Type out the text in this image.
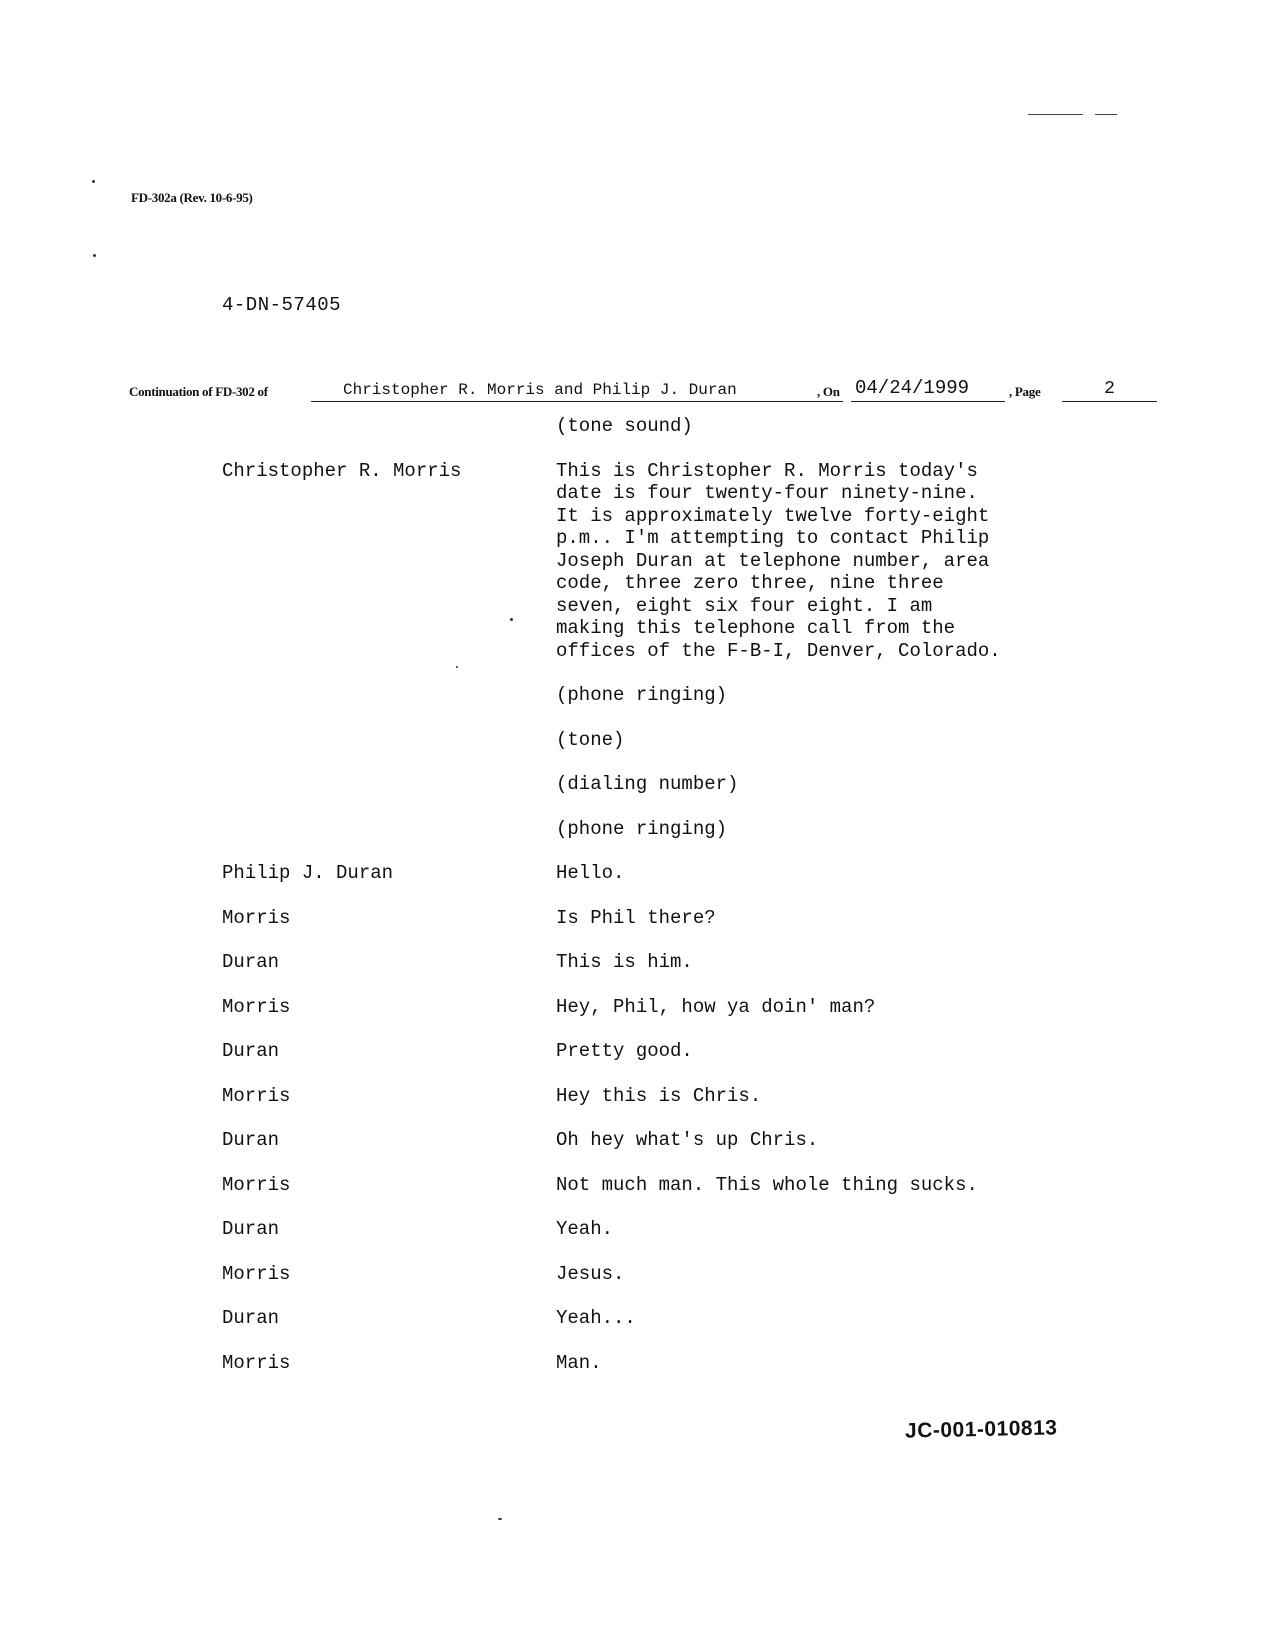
FD-302a (Rev. 10-6-95)
4-DN-57405
Continuation of FD-302 of	Christopher R. Morris and Philip J. Duran	, On 04/24/1999	, Page	2
(tone sound)
Christopher R. Morris	This is Christopher R. Morris today's
date is four twenty-four ninety-nine.
It is approximately twelve forty-eight
p.m.. I'm attempting to contact Philip
Joseph Duran at telephone number, area
code, three zero three, nine three
seven, eight six four eight. I am
making this telephone call from the
offices of the F-B-I, Denver, Colorado.
(phone ringing)
(tone)
(dialing number)
(phone ringing)
Philip J. Duran	Hello.
Morris	Is Phil there?
Duran	This is him.
Morris	Hey, Phil, how ya doin' man?
Duran	Pretty good.
Morris	Hey this is Chris.
Duran	Oh hey what's up Chris.
Morris	Not much man. This whole thing sucks.
Duran	Yeah.
Morris	Jesus.
Duran	Yeah...
Morris	Man.
JC-001-010813
